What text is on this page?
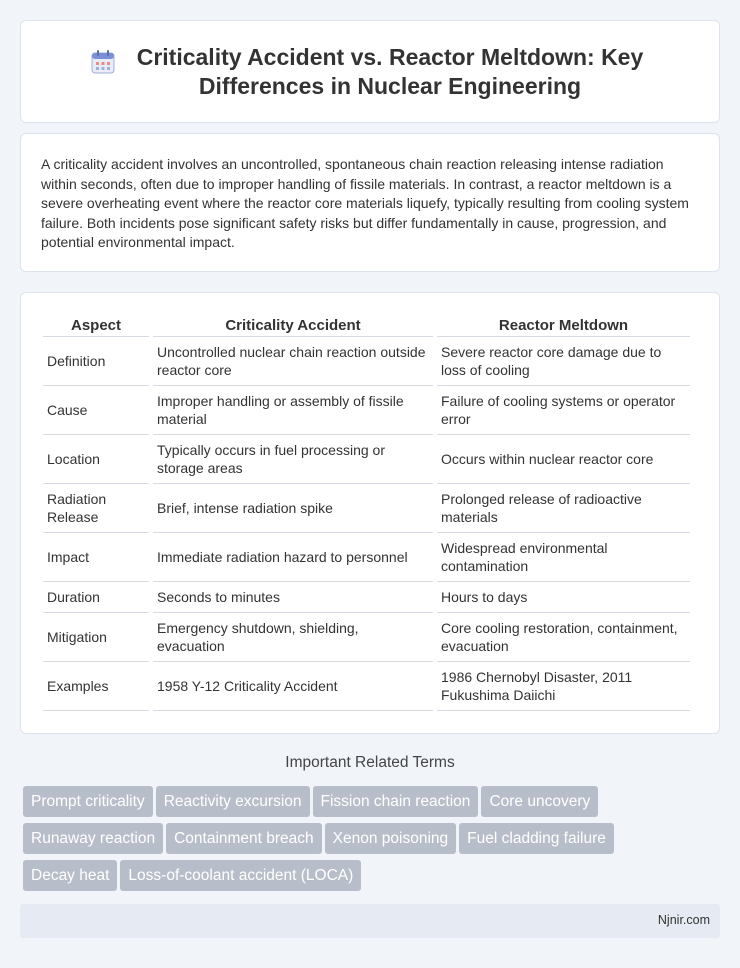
Criticality Accident vs. Reactor Meltdown: Key Differences in Nuclear Engineering

A criticality accident involves an uncontrolled, spontaneous chain reaction releasing intense radiation within seconds, often due to improper handling of fissile materials. In contrast, a reactor meltdown is a severe overheating event where the reactor core materials liquefy, typically resulting from cooling system failure. Both incidents pose significant safety risks but differ fundamentally in cause, progression, and potential environmental impact.

Aspect	Criticality Accident	Reactor Meltdown
Definition	Uncontrolled nuclear chain reaction outside reactor core	Severe reactor core damage due to loss of cooling
Cause	Improper handling or assembly of fissile material	Failure of cooling systems or operator error
Location	Typically occurs in fuel processing or storage areas	Occurs within nuclear reactor core
Radiation Release	Brief, intense radiation spike	Prolonged release of radioactive materials
Impact	Immediate radiation hazard to personnel	Widespread environmental contamination
Duration	Seconds to minutes	Hours to days
Mitigation	Emergency shutdown, shielding, evacuation	Core cooling restoration, containment, evacuation
Examples	1958 Y-12 Criticality Accident	1986 Chernobyl Disaster, 2011 Fukushima Daiichi
Important Related Terms
Prompt criticality Reactivity excursion Fission chain reaction Core uncovery
Runaway reaction Containment breach Xenon poisoning Fuel cladding failure
Decay heat Loss-of-coolant accident (LOCA)
Njnir.com
